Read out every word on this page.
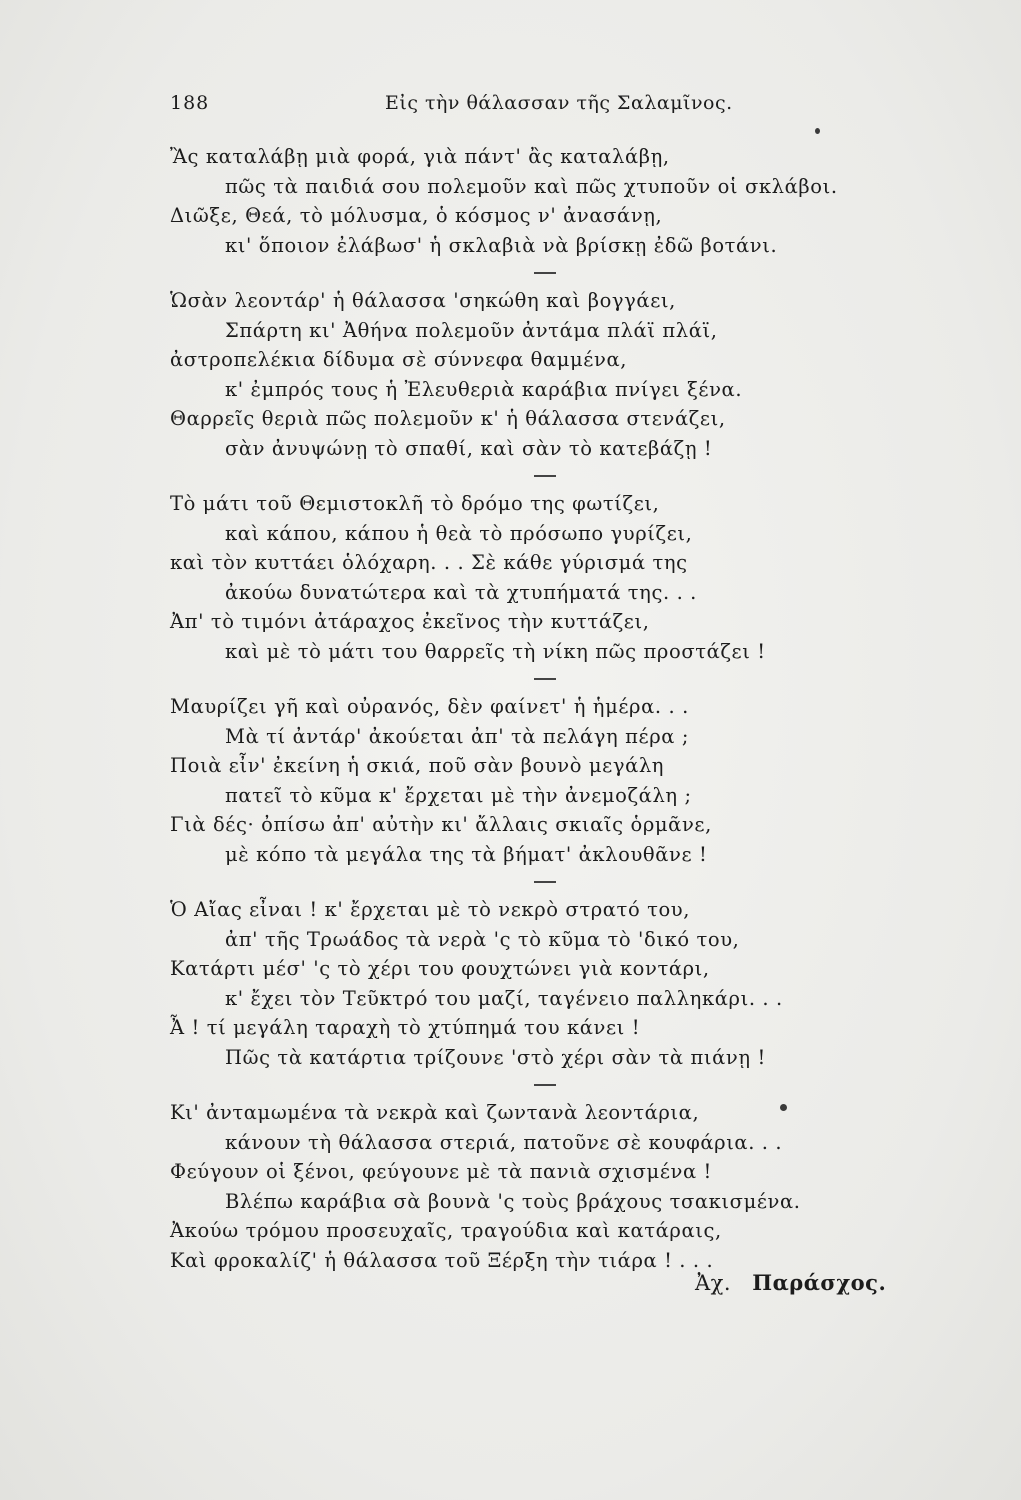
188	Εἰς τὴν θάλασσαν τῆς Σαλαμῖνος.
Ἂς καταλάβῃ μιὰ φορά, γιὰ πάντ' ἂς καταλάβῃ,
πῶς τὰ παιδιά σου πολεμοῦν καὶ πῶς χτυποῦν οἱ σκλάβοι.
Διῶξε, Θεά, τὸ μόλυσμα, ὁ κόσμος ν' ἀνασάνῃ,
κι' ὅποιον ἐλάβωσ' ἡ σκλαβιὰ νὰ βρίσκῃ ἐδῶ βοτάνι.
Ὡσὰν λεοντάρ' ἡ θάλασσα 'σηκώθη καὶ βογγάει,
Σπάρτη κι' Ἀθήνα πολεμοῦν ἀντάμα πλάϊ πλάϊ,
ἀστροπελέκια δίδυμα σὲ σύννεφα θαμμένα,
κ' ἐμπρός τους ἡ Ἐλευθεριὰ καράβια πνίγει ξένα.
Θαρρεῖς θεριὰ πῶς πολεμοῦν κ' ἡ θάλασσα στενάζει,
σὰν ἀνυψώνῃ τὸ σπαθί, καὶ σὰν τὸ κατεβάζῃ !
Τὸ μάτι τοῦ Θεμιστοκλῆ τὸ δρόμο της φωτίζει,
καὶ κάπου, κάπου ἡ θεὰ τὸ πρόσωπο γυρίζει,
καὶ τὸν κυττάει ὁλόχαρη. . . Σὲ κάθε γύρισμά της
ἀκούω δυνατώτερα καὶ τὰ χτυπήματά της. . .
Ἀπ' τὸ τιμόνι ἀτάραχος ἐκεῖνος τὴν κυττάζει,
καὶ μὲ τὸ μάτι του θαρρεῖς τὴ νίκη πῶς προστάζει !
Μαυρίζει γῆ καὶ οὐρανός, δὲν φαίνετ' ἡ ἡμέρα. . .
Μὰ τί ἀντάρ' ἀκούεται ἀπ' τὰ πελάγη πέρα ;
Ποιὰ εἶν' ἐκείνη ἡ σκιά, ποῦ σὰν βουνὸ μεγάλη
πατεῖ τὸ κῦμα κ' ἔρχεται μὲ τὴν ἀνεμοζάλη ;
Γιὰ δές· ὀπίσω ἀπ' αὐτὴν κι' ἄλλαις σκιαῖς ὁρμᾶνε,
μὲ κόπο τὰ μεγάλα της τὰ βήματ' ἀκλουθᾶνε !
Ὁ Αἴας εἶναι ! κ' ἔρχεται μὲ τὸ νεκρὸ στρατό του,
ἀπ' τῆς Τρωάδος τὰ νερὰ 'ς τὸ κῦμα τὸ 'δικό του,
Κατάρτι μέσ' 'ς τὸ χέρι του φουχτώνει γιὰ κοντάρι,
κ' ἔχει τὸν Τεῦκτρό του μαζί, ταγένειο παλληκάρι. . .
Ἆ ! τί μεγάλη ταραχὴ τὸ χτύπημά του κάνει !
Πῶς τὰ κατάρτια τρίζουνε 'στὸ χέρι σὰν τὰ πιάνῃ !
Κι' ἀνταμωμένα τὰ νεκρὰ καὶ ζωντανὰ λεοντάρια,
κάνουν τὴ θάλασσα στεριά, πατοῦνε σὲ κουφάρια. . .
Φεύγουν οἱ ξένοι, φεύγουνε μὲ τὰ πανιὰ σχισμένα !
Βλέπω καράβια σὰ βουνὰ 'ς τοὺς βράχους τσακισμένα.
Ἀκούω τρόμου προσευχαῖς, τραγούδια καὶ κατάραις,
Καὶ φροκαλίζ' ἡ θάλασσα τοῦ Ξέρξη τὴν τιάρα ! . . .
Ἀχ. Παράσχος.
